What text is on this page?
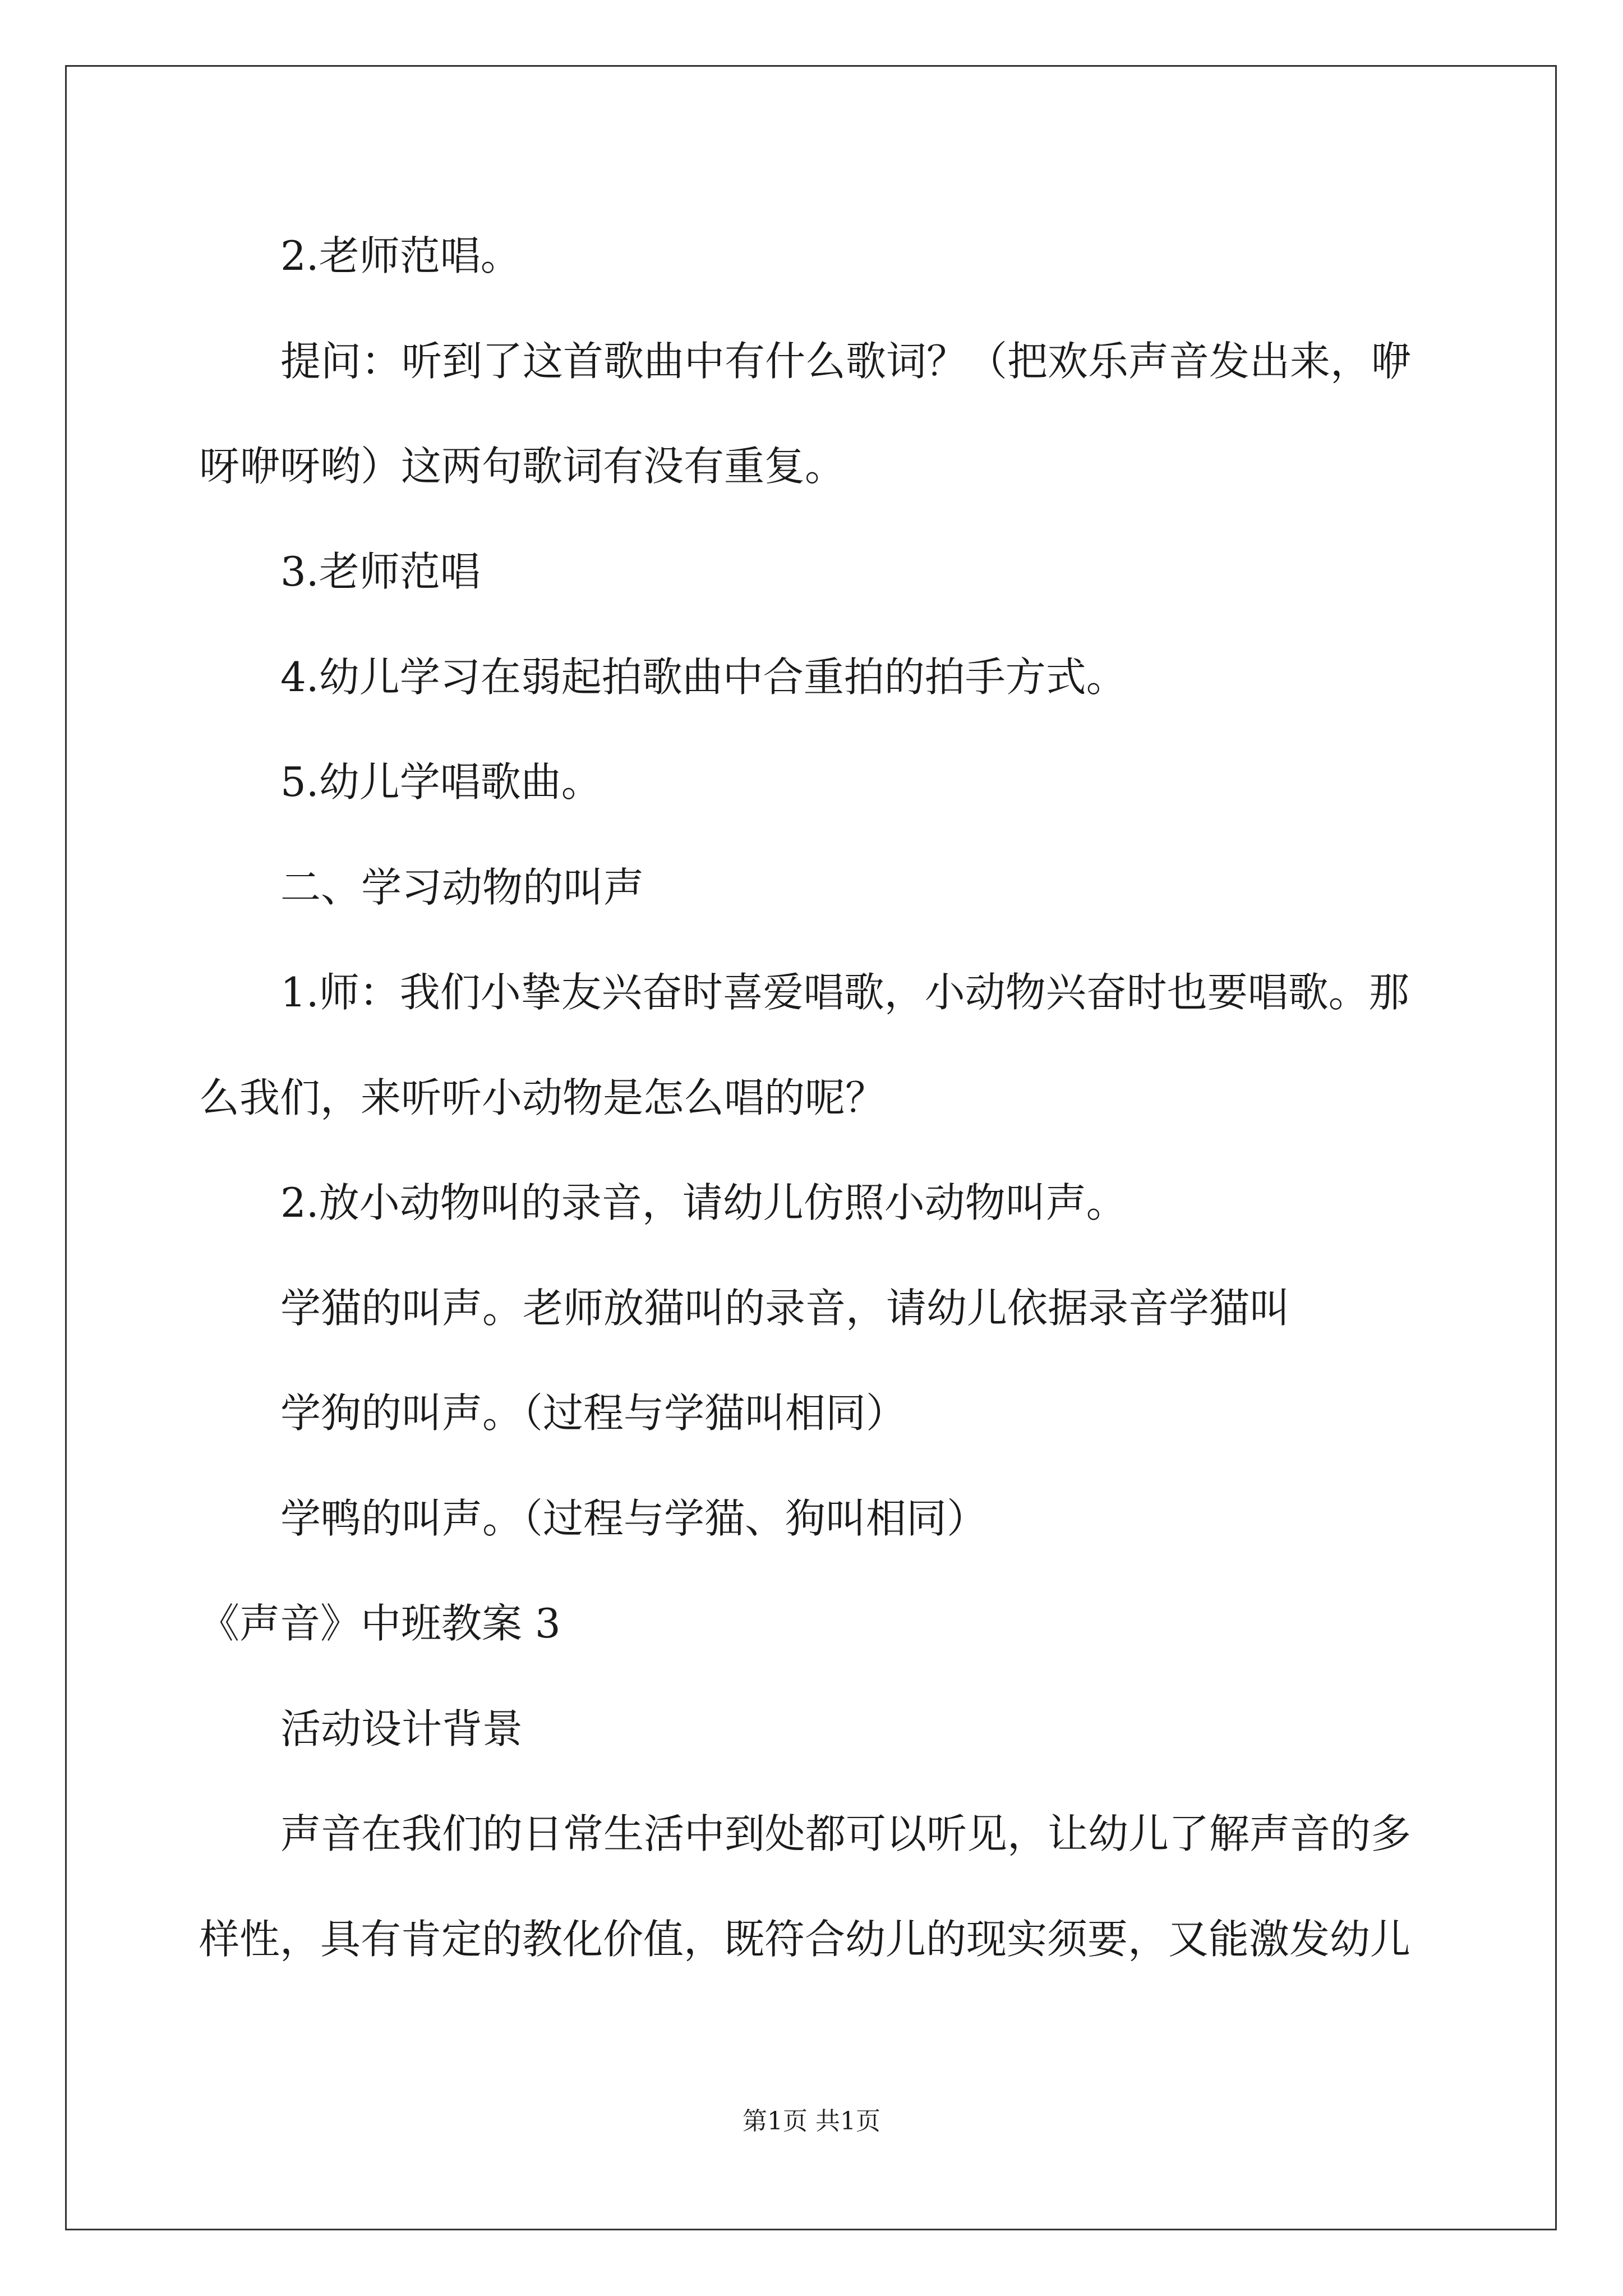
2.老师范唱。
提问：听到了这首歌曲中有什么歌词？（把欢乐声音发出来，咿
呀咿呀哟）这两句歌词有没有重复。
3.老师范唱
4.幼儿学习在弱起拍歌曲中合重拍的拍手方式。
5.幼儿学唱歌曲。
二、学习动物的叫声
1.师：我们小挚友兴奋时喜爱唱歌，小动物兴奋时也要唱歌。那
么我们，来听听小动物是怎么唱的呢？
2.放小动物叫的录音，请幼儿仿照小动物叫声。
学猫的叫声。老师放猫叫的录音，请幼儿依据录音学猫叫
学狗的叫声。（过程与学猫叫相同）
学鸭的叫声。（过程与学猫、狗叫相同）
《声音》中班教案 3
活动设计背景
声音在我们的日常生活中到处都可以听见，让幼儿了解声音的多
样性，具有肯定的教化价值，既符合幼儿的现实须要，又能激发幼儿
第1页 共1页
